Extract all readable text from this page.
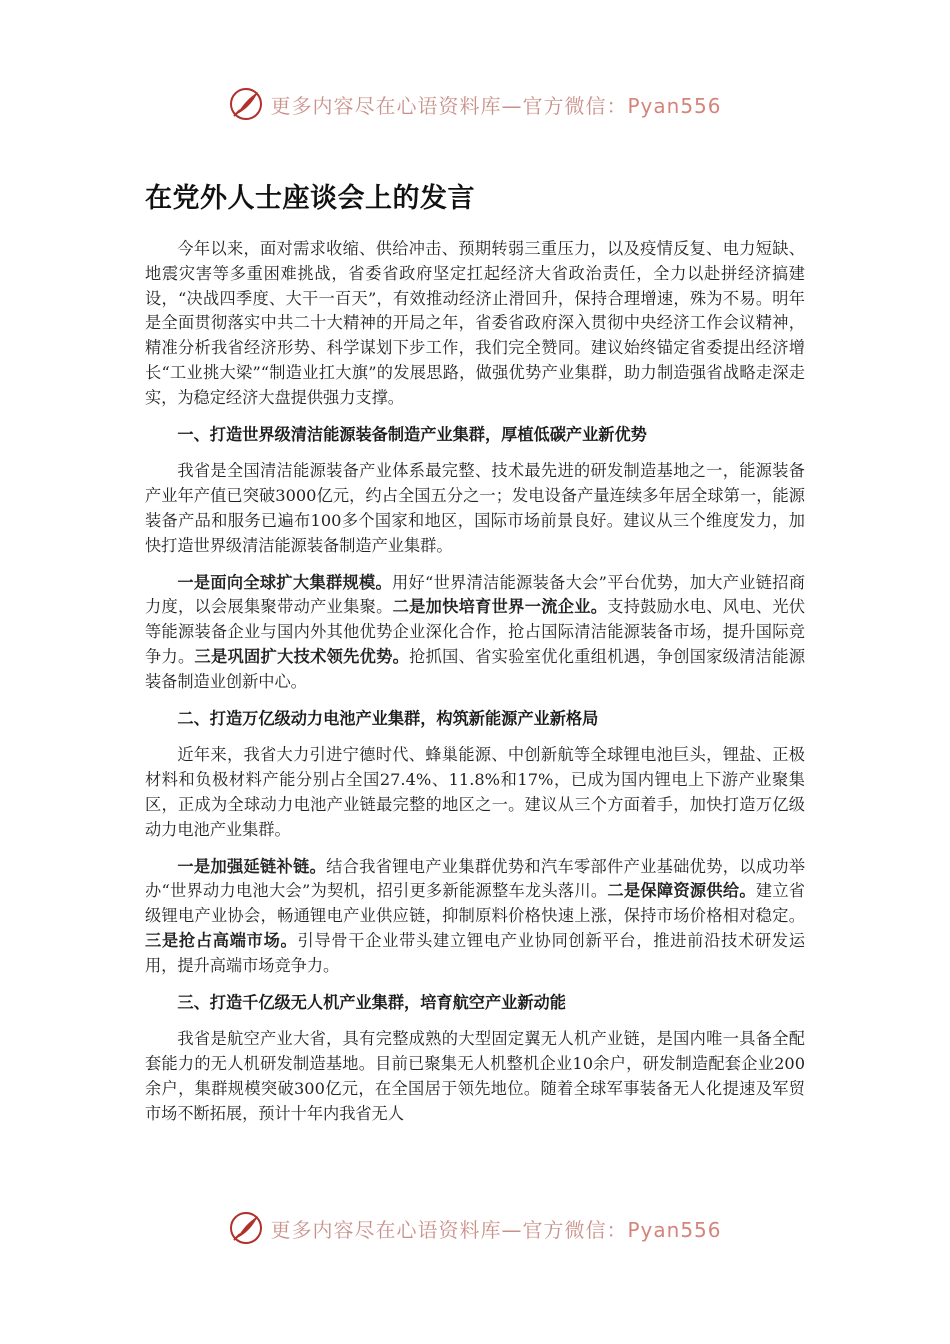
更多内容尽在心语资料库—官方微信：Pyan556
在党外人士座谈会上的发言

今年以来，面对需求收缩、供给冲击、预期转弱三重压力，以及疫情反复、电力短缺、地震灾害等多重困难挑战，省委省政府坚定扛起经济大省政治责任，全力以赴拼经济搞建设，“决战四季度、大干一百天”，有效推动经济止滑回升，保持合理增速，殊为不易。明年是全面贯彻落实中共二十大精神的开局之年，省委省政府深入贯彻中央经济工作会议精神，精准分析我省经济形势、科学谋划下步工作，我们完全赞同。建议始终锚定省委提出经济增长“工业挑大梁”“制造业扛大旗”的发展思路，做强优势产业集群，助力制造强省战略走深走实，为稳定经济大盘提供强力支撑。

一、打造世界级清洁能源装备制造产业集群，厚植低碳产业新优势

我省是全国清洁能源装备产业体系最完整、技术最先进的研发制造基地之一，能源装备产业年产值已突破3000亿元，约占全国五分之一；发电设备产量连续多年居全球第一，能源装备产品和服务已遍布100多个国家和地区，国际市场前景良好。建议从三个维度发力，加快打造世界级清洁能源装备制造产业集群。

一是面向全球扩大集群规模。用好“世界清洁能源装备大会”平台优势，加大产业链招商力度，以会展集聚带动产业集聚。二是加快培育世界一流企业。支持鼓励水电、风电、光伏等能源装备企业与国内外其他优势企业深化合作，抢占国际清洁能源装备市场，提升国际竞争力。三是巩固扩大技术领先优势。抢抓国、省实验室优化重组机遇，争创国家级清洁能源装备制造业创新中心。

二、打造万亿级动力电池产业集群，构筑新能源产业新格局

近年来，我省大力引进宁德时代、蜂巢能源、中创新航等全球锂电池巨头，锂盐、正极材料和负极材料产能分别占全国27.4%、11.8%和17%，已成为国内锂电上下游产业聚集区，正成为全球动力电池产业链最完整的地区之一。建议从三个方面着手，加快打造万亿级动力电池产业集群。

一是加强延链补链。结合我省锂电产业集群优势和汽车零部件产业基础优势，以成功举办“世界动力电池大会”为契机，招引更多新能源整车龙头落川。二是保障资源供给。建立省级锂电产业协会，畅通锂电产业供应链，抑制原料价格快速上涨，保持市场价格相对稳定。三是抢占高端市场。引导骨干企业带头建立锂电产业协同创新平台，推进前沿技术研发运用，提升高端市场竞争力。

三、打造千亿级无人机产业集群，培育航空产业新动能

我省是航空产业大省，具有完整成熟的大型固定翼无人机产业链，是国内唯一具备全配套能力的无人机研发制造基地。目前已聚集无人机整机企业10余户，研发制造配套企业200余户，集群规模突破300亿元，在全国居于领先地位。随着全球军事装备无人化提速及军贸市场不断拓展，预计十年内我省无人

更多内容尽在心语资料库—官方微信：Pyan556
